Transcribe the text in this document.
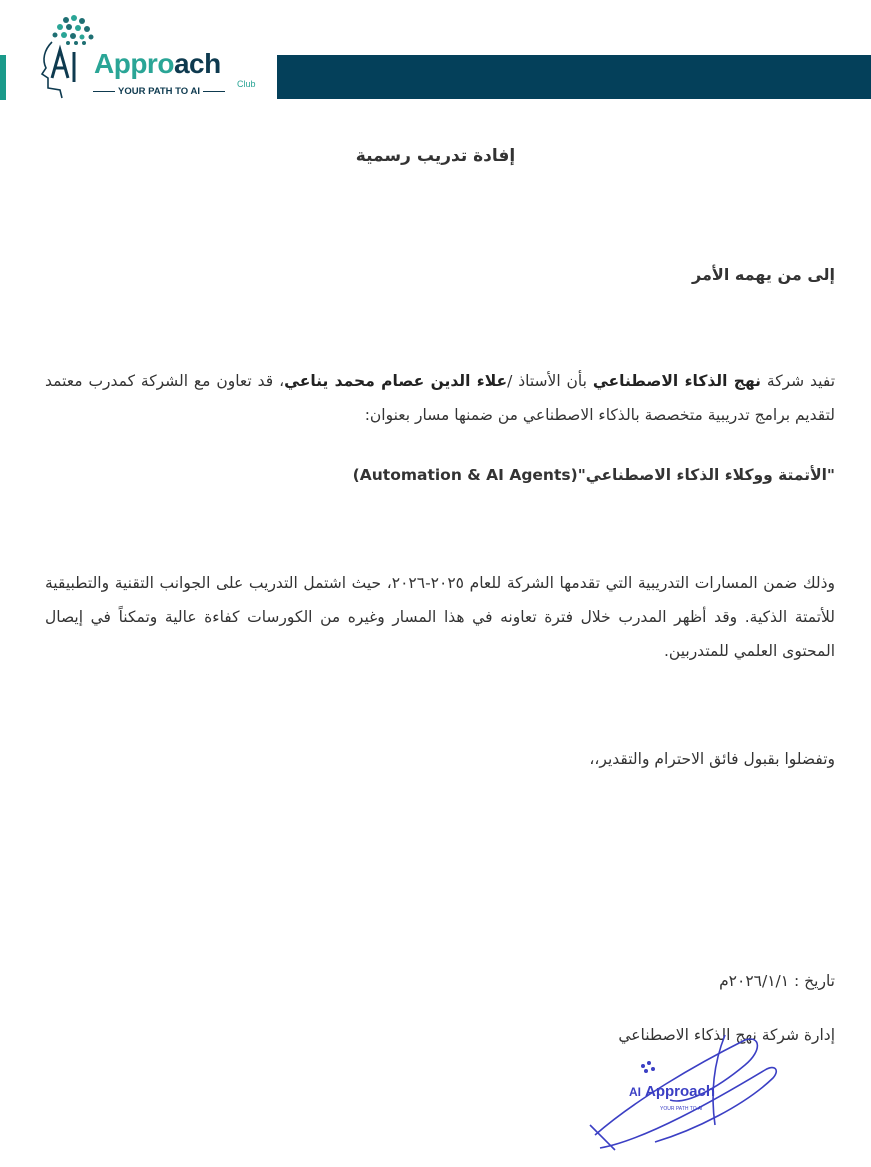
Approach
Club
YOUR PATH TO AI
إفادة تدريب رسمية
إلى من يهمه الأمر
تفيد شركة نهج الذكاء الاصطناعي بأن الأستاذ /علاء الدين عصام محمد يناعي، قد تعاون مع الشركة كمدرب معتمد لتقديم برامج تدريبية متخصصة بالذكاء الاصطناعي من ضمنها مسار بعنوان:
"الأتمتة ووكلاء الذكاء الاصطناعي"(Automation & AI Agents)
وذلك ضمن المسارات التدريبية التي تقدمها الشركة للعام ٢٠٢٥-٢٠٢٦، حيث اشتمل التدريب على الجوانب التقنية والتطبيقية للأتمتة الذكية. وقد أظهر المدرب خلال فترة تعاونه في هذا المسار وغيره من الكورسات كفاءة عالية وتمكناً في إيصال المحتوى العلمي للمتدربين.
وتفضلوا بقبول فائق الاحترام والتقدير،،
تاريخ : ٢٠٢٦/١/١م
إدارة شركة نهج الذكاء الاصطناعي
AI Approach
YOUR PATH TO AI
